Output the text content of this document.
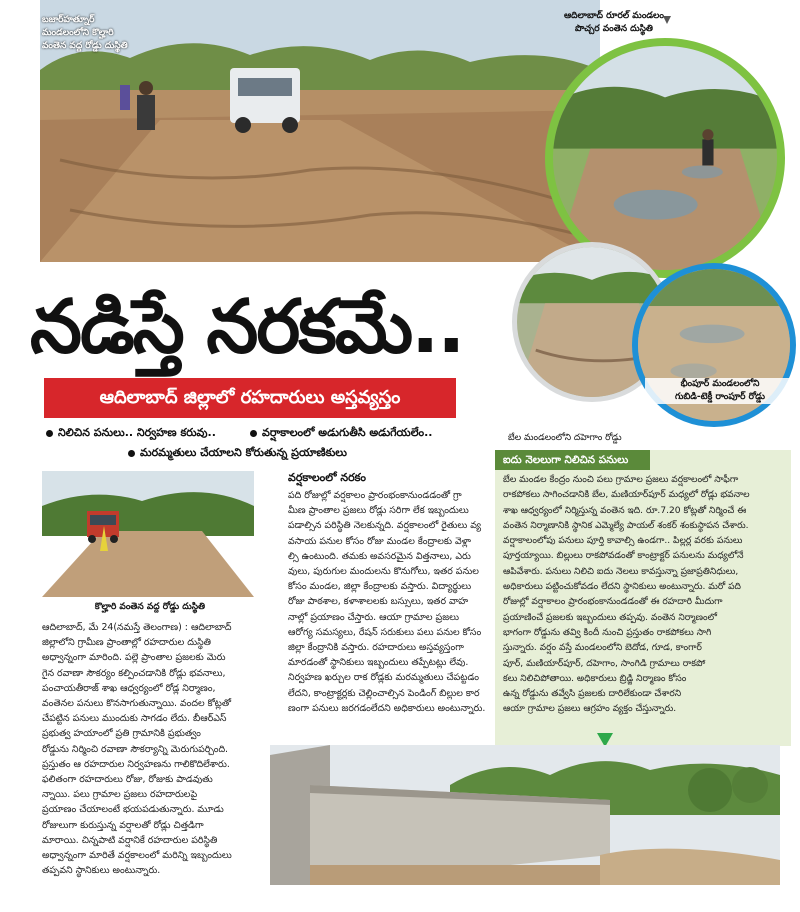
బజార్‌హత్నూర్
మండలంలోని కొల్హారి
వంతెన వద్ద రోడ్డు దుస్థితి
ఆదిలాబాద్ రూరల్ మండలం
పొచ్చర వంతెన దుస్థితి
భీంపూర్ మండలంలోని
గుబిడి-టెక్డీ రాంపూర్ రోడ్డు
బేల మండలంలోని దహెగాం రోడ్డు
నడిస్తే నరకమే..
ఆదిలాబాద్ జిల్లాలో రహదారులు అస్తవ్యస్తం
నిలిచిన పనులు.. నిర్వహణ కరువు..	వర్షాకాలంలో అడుగుతీసి అడుగేయలేం..
మరమ్మతులు చేయాలని కోరుతున్న ప్రయాణికులు
కొల్హారి వంతెన వద్ద రోడ్డు దుస్థితి

ఆదిలాబాద్, మే 24(నమస్తే తెలంగాణ) : ఆదిలాబాద్

జిల్లాలోని గ్రామీణ ప్రాంతాల్లో రహదారుల దుస్థితి

అధ్వాన్నంగా మారింది. పల్లె ప్రాంతాల ప్రజలకు మెరు

గైన రవాణా సౌకర్యం కల్పించడానికి రోడ్లు భవనాలు,

పంచాయతీరాజ్ శాఖ ఆధ్వర్యంలో రోడ్ల నిర్మాణం,

వంతెనల పనులు కొనసాగుతున్నాయి. వందల కోట్లతో

చేపట్టిన పనులు ముందుకు సాగడం లేదు. బీఆర్‌ఎస్

ప్రభుత్వ హయాంలో ప్రతి గ్రామానికి ప్రభుత్వం

రోడ్డును నిర్మించి రవాణా సౌకర్యాన్ని మెరుగుపర్చింది.

ప్రస్తుతం ఆ రహదారుల నిర్వహణను గాలికొదిలేశారు.

ఫలితంగా రహదారులు రోజు, రోజుకు పాడవుతు

న్నాయి. పలు గ్రామాల ప్రజలు రహదారులపై

ప్రయాణం చేయాలంటే భయపడుతున్నారు. మూడు

రోజులుగా కురుస్తున్న వర్షాలతో రోడ్లు చిత్తడిగా

మారాయి. చిన్నపాటి వర్షానికే రహదారుల పరిస్థితి

అధ్వాన్నంగా మారితే వర్షకాలంలో మరిన్ని ఇబ్బందులు

తప్పవని స్థానికులు అంటున్నారు.

వర్షకాలంలో నరకం

పది రోజుల్లో వర్షకాలం ప్రారంభంకానుండడంతో గ్రా

మీణ ప్రాంతాల ప్రజలు రోడ్లు సరిగా లేక ఇబ్బందులు

పడాల్సిన పరిస్థితి నెలకున్నది. వర్షకాలంలో రైతులు వ్య

వసాయ పనుల కోసం రోజు మండల కేంద్రాలకు వెళ్లా

ల్సి ఉంటుంది. తమకు అవసరమైన విత్తనాలు, ఎరు

వులు, పురుగుల మందులను కొనుగోలు, ఇతర పనుల

కోసం మండల, జిల్లా కేంద్రాలకు వస్తారు. విద్యార్థులు

రోజు పాఠశాల, కళాశాలలకు బస్సులు, ఇతర వాహ

నాల్లో ప్రయాణం చేస్తారు. ఆయా గ్రామాల ప్రజలు

ఆరోగ్య సమస్యలు, రేషన్ సరుకులు పలు పనుల కోసం

జిల్లా కేంద్రానికి వస్తారు. రహదారులు అస్తవ్యస్తంగా

మారడంతో స్థానికులు ఇబ్బందులు తప్పేటట్లు లేవు.

నిర్వహణ ఖర్చుల రాక రోడ్లకు మరమ్మతులు చేపట్టడం

లేదని, కాంట్రాక్టర్లకు చెల్లించాల్సిన పెండింగ్ బిల్లుల కార

ణంగా పనులు జరగడంలేదని అధికారులు అంటున్నారు.

ఐదు నెలలుగా నిలిచిన పనులు

బేల మండల కేంద్రం నుంచి పలు గ్రామాల ప్రజలు వర్షకాలంలో సాఫీగా

రాకపోకలు సాగించడానికి బేల, మణియార్‌పూర్ మధ్యలో రోడ్లు భవనాల

శాఖ ఆధ్వర్యంలో నిర్మిస్తున్న వంతెన ఇది. రూ.7.20 కోట్లతో నిర్మించే ఈ

వంతెన నిర్మాణానికి స్థానిక ఎమ్మెల్యే పాయల్ శంకర్ శంకుస్థాపన చేశారు.

వర్షాకాలంలోపు పనులు పూర్తి కావాల్సి ఉండగా.. పిల్లర్ల వరకు పనులు

పూర్తయ్యాయి. బిల్లులు రాకపోవడంతో కాంట్రాక్టర్ పనులను మధ్యలోనే

ఆపివేశారు. పనులు నిలిచి ఐదు నెలలు కావస్తున్నా ప్రజాప్రతినిధులు,

అధికారులు పట్టించుకోవడం లేదని స్థానికులు అంటున్నారు. మరో పది

రోజుల్లో వర్షాకాలం ప్రారంభంకానుండడంతో ఈ రహదారి మీదుగా

ప్రయాణించే ప్రజలకు ఇబ్బందులు తప్పవు. వంతెన నిర్మాణంలో

భాగంగా రోడ్డును తవ్వి కిందీ నుంచి ప్రస్తుతం రాకపోకలు సాగి

స్తున్నారు. వర్షం వస్తే మండలంలోని బెదోడ, గూడ, కాంగార్

పూర్, మణియార్‌పూర్, దహెగాం, సాంగిడి గ్రామాలు రాకపో

కలు నిలిచిపోతాయి. అధికారులు బ్రిడ్జి నిర్మాణం కోసం

ఉన్న రోడ్డును తవ్వేసి ప్రజలకు దారిలేకుండా చేశారని

ఆయా గ్రామాల ప్రజలు ఆగ్రహం వ్యక్తం చేస్తున్నారు.
